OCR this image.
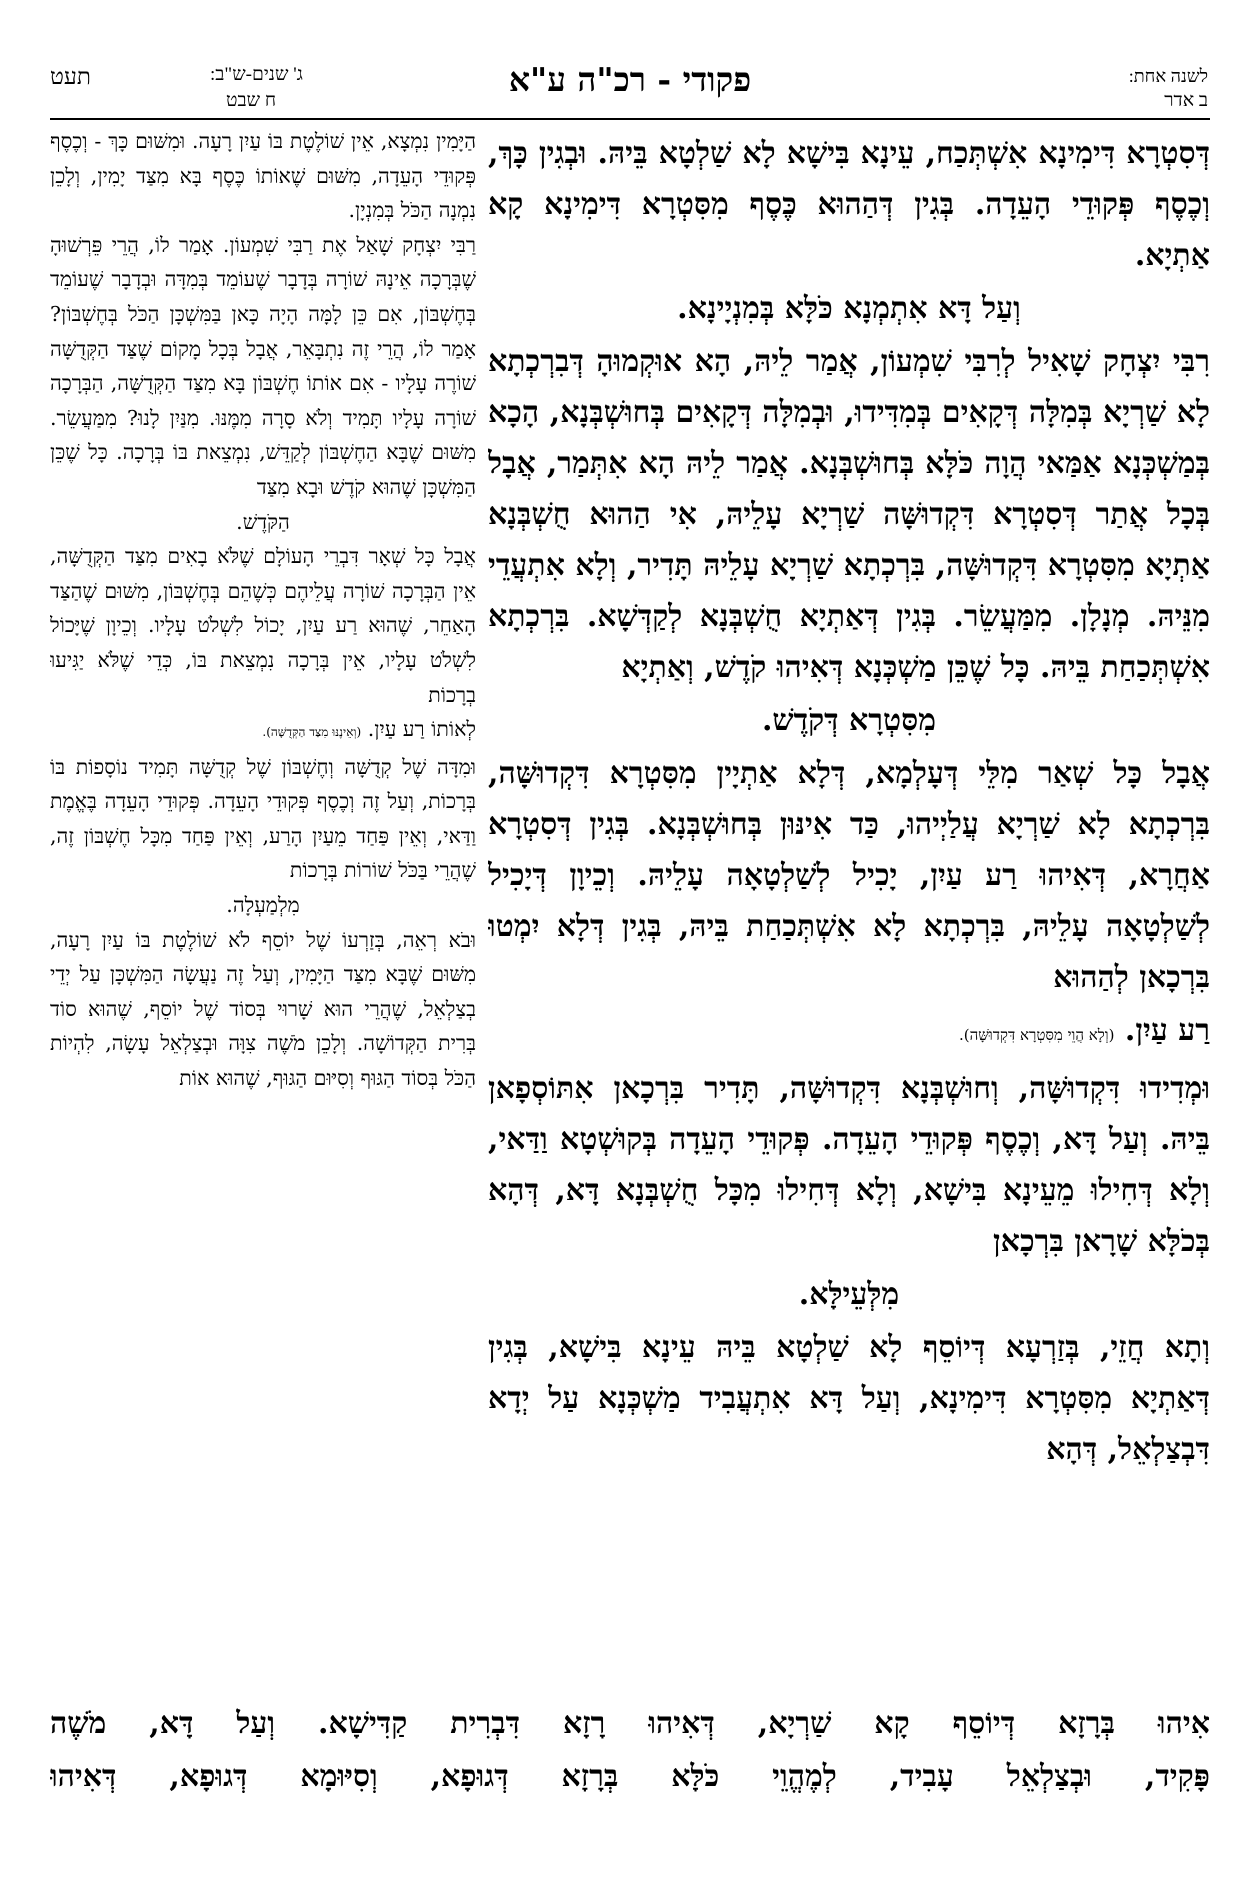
תעט	ג' שנים-ש"ב:
ח שבט
פקודי - רכ"ה ע"א	לשנה אחת:
ב אדר

דְּסִטְרָא דִּימִינָא אִשְׁתְּכַח, עֵינָא בִּישָׁא לָא שַׁלְטָא בֵּיהּ. וּבְגִין כָּךְ, וְכֶסֶף פְּקוּדֵי הָעֵדָה. בְּגִין דְּהַהוּא כֶּסֶף מִסִּטְרָא דִּימִינָא קָא אַתְיָא.

וְעַל דָּא אִתְמְנָא כֹּלָּא בְּמִנְיָינָא.

רִבִּי יִצְחָק שָׁאִיל לְרִבִּי שִׁמְעוֹן, אֲמַר לֵיהּ, הָא אוּקְמוּהָ דְּבִרְכְתָא לָא שַׁרְיָא בְּמִלָּה דְּקָאִים בְּמִדִּידוּ, וּבְמִלָּה דְּקָאִים בְּחוּשְׁבְּנָא, הָכָא בְּמַשְׁכְּנָא אַמַּאי הֲוָה כֹּלָּא בְּחוּשְׁבְּנָא. אֲמַר לֵיהּ הָא אִתְּמַר, אֲבָל בְּכָל אֲתַר דְּסִטְרָא דִּקְדוּשָּׁה שַׁרְיָא עָלֵיהּ, אִי הַהוּא חֻשְׁבְּנָא אַתְיָא מִסִּטְרָא דִּקְדוּשָּׁה, בִּרְכְתָא שַׁרְיָא עָלֵיהּ תָּדִיר, וְלָא אִתְעֲדֵי מִנֵּיהּ. מְנָלָן. מִמַּעֲשֵׂר. בְּגִין דְּאַתְיָא חֻשְׁבְּנָא לְקַדְּשָׁא. בִּרְכְתָא אִשְׁתְּכַחַת בֵּיהּ. כָּל שֶׁכֵּן מַשְׁכְּנָא דְּאִיהוּ קֹדֶשׁ, וְאַתְיָא

מִסִּטְרָא דְּקֹדֶשׁ.

אֲבָל כָּל שְׁאַר מִלֵּי דְּעָלְמָא, דְּלָא אַתְיָין מִסִּטְרָא דִּקְדוּשָּׁה, בִּרְכְתָא לָא שַׁרְיָא עֲלַיְיהוּ, כַּד אִינּוּן בְּחוּשְׁבְּנָא. בְּגִין דְּסִטְרָא אַחֲרָא, דְּאִיהוּ רַע עַיִן, יָכִיל לְשַׁלְטָאָה עָלֵיהּ. וְכֵיוָן דְּיָכִיל לְשַׁלְטָאָה עָלֵיהּ, בִּרְכְתָא לָא אִשְׁתְּכַחַת בֵּיהּ, בְּגִין דְּלָא יִמְטוּ בִּרְכָאן לְהַהוּא

רַע עַיִן. (וְלָא הֲוֵי מִסִּטְרָא דִּקְדוּשָּׁה).

וּמְדִידוּ דִּקְדוּשָּׁה, וְחוּשְׁבְּנָא דִּקְדוּשָּׁה, תָּדִיר בִּרְכָאן אִתּוֹסְפָאן בֵּיהּ. וְעַל דָּא, וְכֶסֶף פְּקוּדֵי הָעֵדָה. פְּקוּדֵי הָעֵדָה בְּקוּשְׁטָא וַדַּאי, וְלָא דְּחִילוּ מֵעֵינָא בִּישָׁא, וְלָא דְּחִילוּ מִכָּל חֻשְׁבְּנָא דָּא, דְּהָא בְּכֹלָּא שָׁרָאן בִּרְכָאן

מִלְּעֵילָּא.

וְתָא חֲזֵי, בְּזַרְעָא דְּיוֹסֵף לָא שַׁלְטָא בֵּיהּ עֵינָא בִּישָׁא, בְּגִין דְּאַתְיָא מִסִּטְרָא דִּימִינָא, וְעַל דָּא אִתְעֲבִיד מַשְׁכְּנָא עַל יְדָא דִּבְצַלְאֵל, דְּהָא

הַיָּמִין נִמְצָא, אֵין שׁוֹלֶטֶת בּוֹ עַיִן רָעָה. וּמִשּׁוּם כָּךְ - וְכֶסֶף פְּקוּדֵי הָעֵדָה, מִשּׁוּם שֶׁאוֹתוֹ כֶּסֶף בָּא מִצַּד יָמִין, וְלָכֵן נִמְנָה הַכֹּל בְּמִנְיָן.

רַבִּי יִצְחָק שָׁאַל אֶת רַבִּי שִׁמְעוֹן. אָמַר לוֹ, הֲרֵי פֵּרְשׁוּהָ שֶׁבְּרָכָה אֵינָהּ שׁוֹרָה בְּדָבָר שֶׁעוֹמֵד בְּמִדָּה וּבְדָבָר שֶׁעוֹמֵד בְּחֶשְׁבּוֹן, אִם כֵּן לָמָּה הָיָה כָּאן בַּמִּשְׁכָּן הַכֹּל בְּחֶשְׁבּוֹן? אָמַר לוֹ, הֲרֵי זֶה נִתְבָּאֵר, אֲבָל בְּכָל מָקוֹם שֶׁצַּד הַקְּדֻשָּׁה שׁוֹרֶה עָלָיו - אִם אוֹתוֹ חֶשְׁבּוֹן בָּא מִצַּד הַקְּדֻשָּׁה, הַבְּרָכָה שׁוֹרָה עָלָיו תָּמִיד וְלֹא סָרָה מִמֶּנּוּ. מִנַּיִן לָנוּ? מִמַּעֲשֵׂר. מִשּׁוּם שֶׁבָּא הַחֶשְׁבּוֹן לְקַדֵּשׁ, נִמְצֵאת בּוֹ בְּרָכָה. כָּל שֶׁכֵּן הַמִּשְׁכָּן שֶׁהוּא קֹדֶשׁ וּבָא מִצַּד

הַקֹּדֶשׁ.

אֲבָל כָּל שְׁאָר דִּבְרֵי הָעוֹלָם שֶׁלֹּא בָאִים מִצַּד הַקְּדֻשָּׁה, אֵין הַבְּרָכָה שׁוֹרָה עֲלֵיהֶם כְּשֶׁהֵם בְּחֶשְׁבּוֹן, מִשּׁוּם שֶׁהַצַּד הָאַחֵר, שֶׁהוּא רַע עַיִן, יָכוֹל לִשְׁלֹט עָלָיו. וְכֵיוָן שֶׁיָּכוֹל לִשְׁלֹט עָלָיו, אֵין בְּרָכָה נִמְצֵאת בּוֹ, כְּדֵי שֶׁלֹּא יַגִּיעוּ בְרָכוֹת

לְאוֹתוֹ רַע עַיִן. (וְאֵינֶנּוּ מִצַּד הַקְּדֻשָּׁה).

וּמִדָּה שֶׁל קְדֻשָּׁה וְחֶשְׁבּוֹן שֶׁל קְדֻשָּׁה תָּמִיד נוֹסָפוֹת בּוֹ בְּרָכוֹת, וְעַל זֶה וְכֶסֶף פְּקוּדֵי הָעֵדָה. פְּקוּדֵי הָעֵדָה בֶּאֱמֶת וַדַּאי, וְאֵין פַּחַד מֵעַיִן הָרַע, וְאֵין פַּחַד מִכָּל חֶשְׁבּוֹן זֶה, שֶׁהֲרֵי בַּכֹּל שׁוֹרוֹת בְּרָכוֹת

מִלְמַעְלָה.

וּבֹא רְאֵה, בְּזַרְעוֹ שֶׁל יוֹסֵף לֹא שׁוֹלֶטֶת בּוֹ עַיִן רָעָה, מִשּׁוּם שֶׁבָּא מִצַּד הַיָּמִין, וְעַל זֶה נַעֲשָׂה הַמִּשְׁכָּן עַל יְדֵי בְצַלְאֵל, שֶׁהֲרֵי הוּא שָׁרוּי בְּסוֹד שֶׁל יוֹסֵף, שֶׁהוּא סוֹד בְּרִית הַקְּדוֹשָׁה. וְלָכֵן מֹשֶׁה צִוָּה וּבְצַלְאֵל עָשָׂה, לִהְיוֹת הַכֹּל בְּסוֹד הַגּוּף וְסִיּוּם הַגּוּף, שֶׁהוּא אוֹת

אִיהוּ בְּרָזָא דְּיוֹסֵף קָא שַׁרְיָא, דְּאִיהוּ רָזָא דִּבְרִית קַדִּישָׁא. וְעַל דָּא, מֹשֶׁה

פָּקִיד, וּבְצַלְאֵל עָבִיד, לְמֶהֱוֵי כֹּלָּא בְּרָזָא דְּגוּפָא, וְסִיּוּמָא דְּגוּפָא, דְּאִיהוּ
